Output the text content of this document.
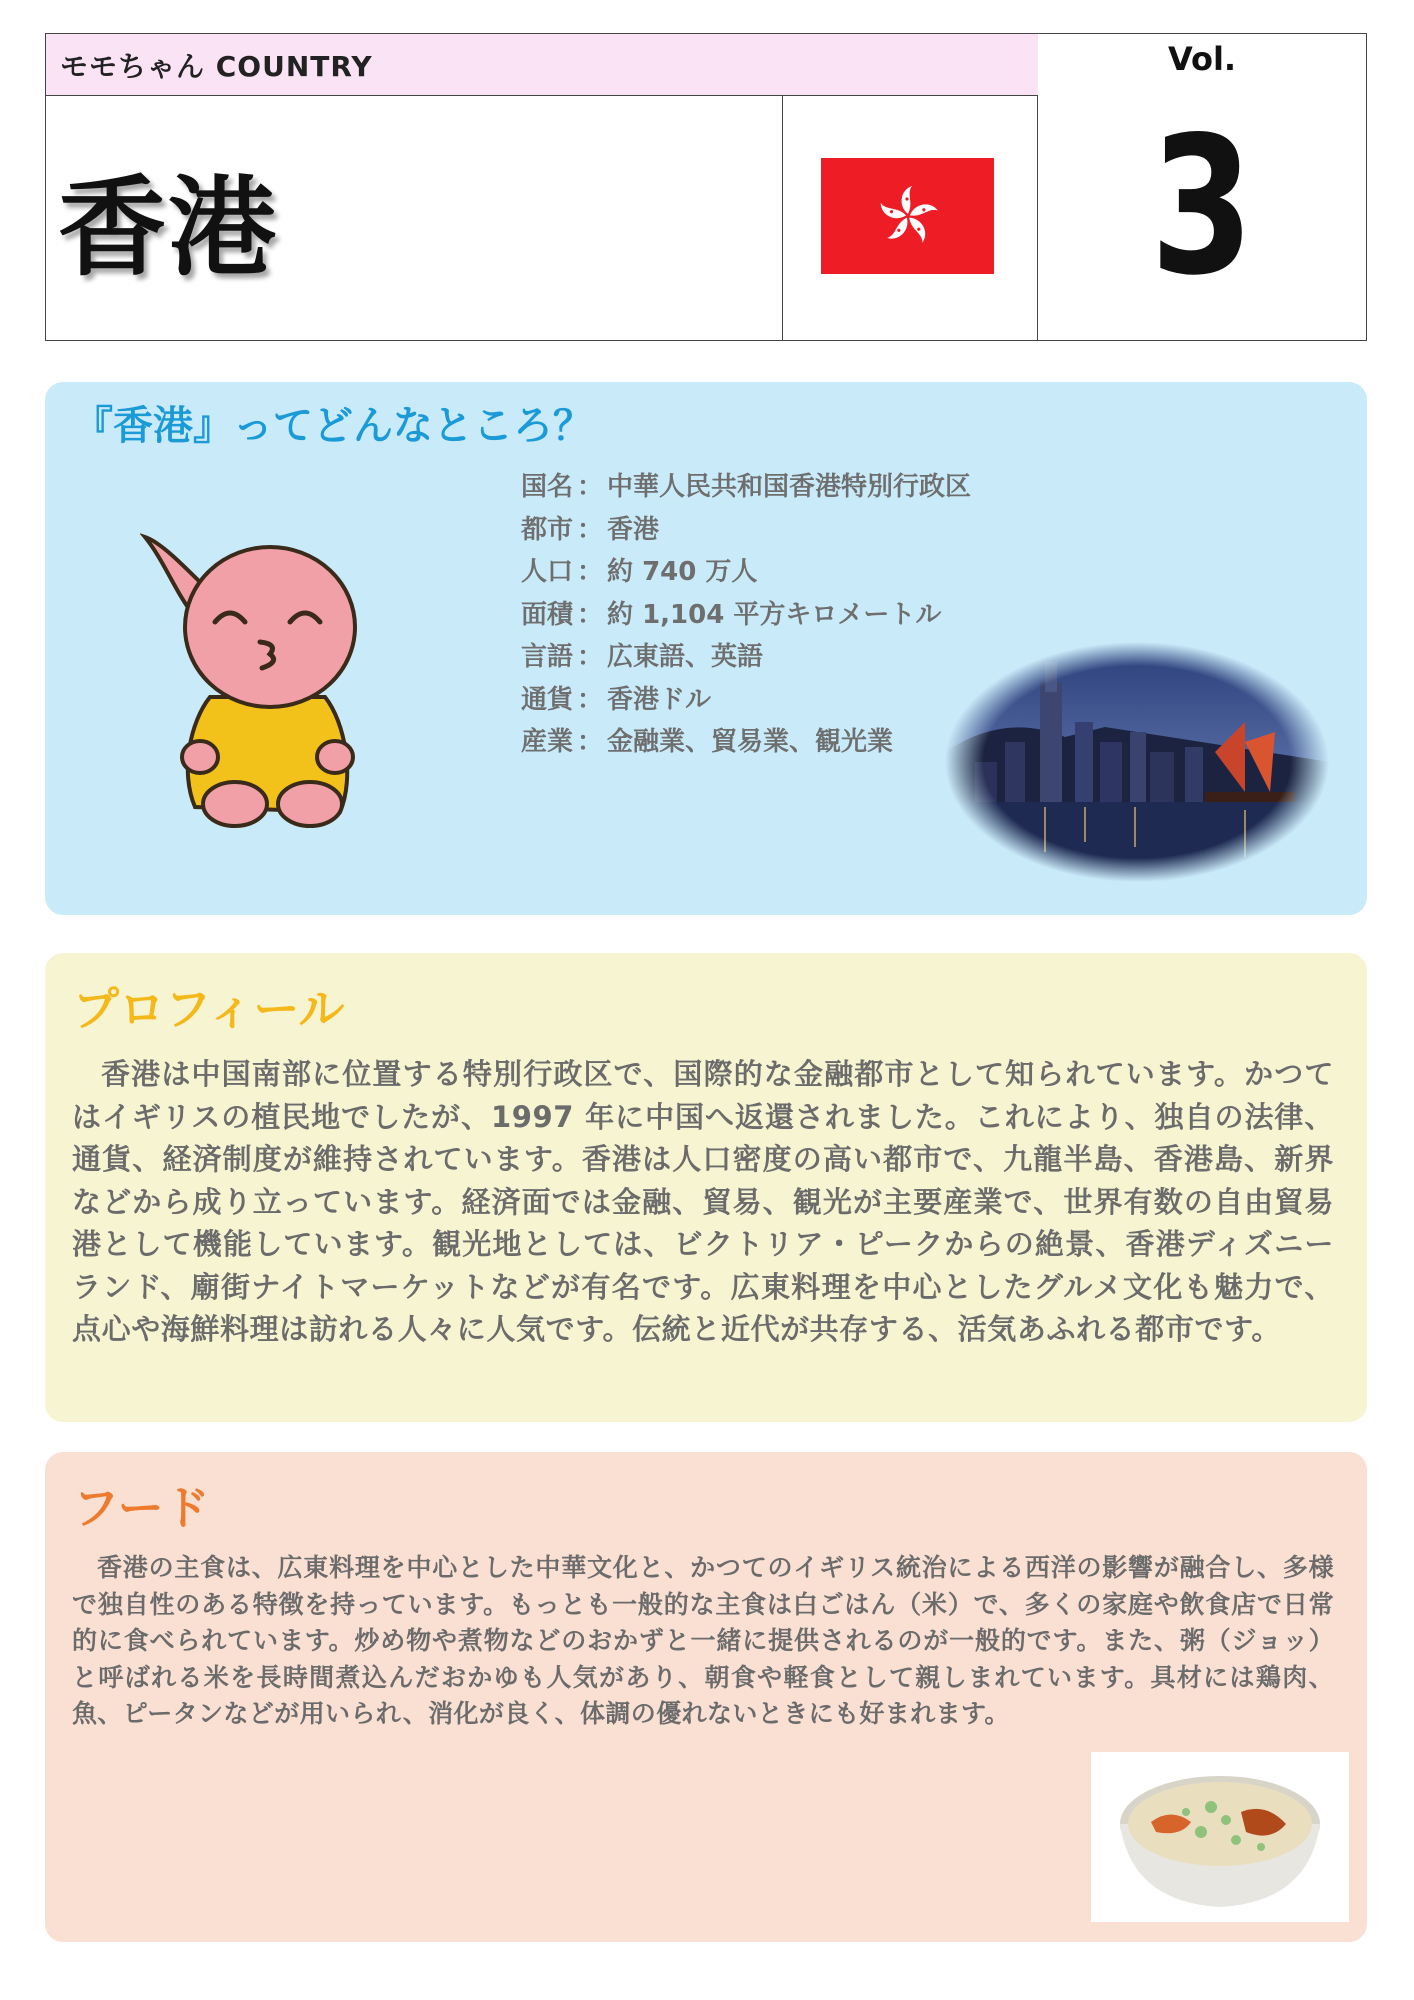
モモちゃん COUNTRY
香港
Vol.
3
『香港』ってどんなところ？
国名 ： 中華人民共和国香港特別行政区
都市 ： 香港
人口 ： 約 740 万人
面積 ： 約 1,104 平方キロメートル
言語 ： 広東語、英語
通貨 ： 香港ドル
産業 ： 金融業、貿易業、観光業
プロフィール

香港は中国南部に位置する特別行政区で、国際的な金融都市として知られています。かつてはイギリスの植民地でしたが、1997 年に中国へ返還されました。これにより、独自の法律、通貨、経済制度が維持されています。香港は人口密度の高い都市で、九龍半島、香港島、新界などから成り立っています。経済面では金融、貿易、観光が主要産業で、世界有数の自由貿易港として機能しています。観光地としては、ビクトリア・ピークからの絶景、香港ディズニーランド、廟街ナイトマーケットなどが有名です。広東料理を中心としたグルメ文化も魅力で、点心や海鮮料理は訪れる人々に人気です。伝統と近代が共存する、活気あふれる都市です。

フード

香港の主食は、広東料理を中心とした中華文化と、かつてのイギリス統治による西洋の影響が融合し、多様で独自性のある特徴を持っています。もっとも一般的な主食は白ごはん（米）で、多くの家庭や飲食店で日常的に食べられています。炒め物や煮物などのおかずと一緒に提供されるのが一般的です。また、粥（ジョッ）と呼ばれる米を長時間煮込んだおかゆも人気があり、朝食や軽食として親しまれています。具材には鶏肉、魚、ピータンなどが用いられ、消化が良く、体調の優れないときにも好まれます。
